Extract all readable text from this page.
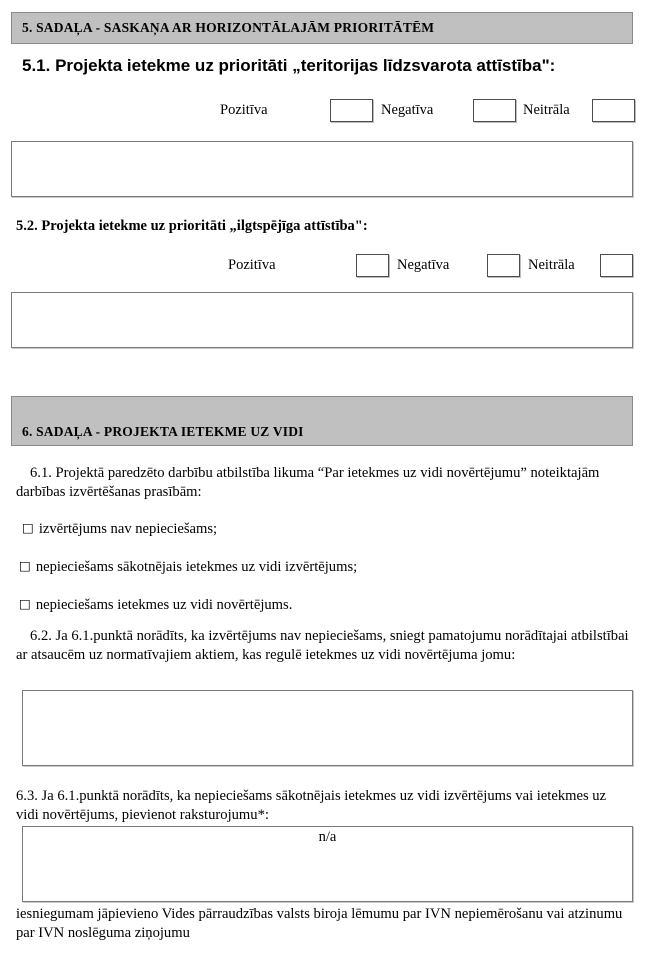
5. SADAĻA - SASKAŅA AR HORIZONTĀLAJĀM PRIORITĀTĒM
5.1. Projekta ietekme uz prioritāti „teritorijas līdzsvarota attīstība":
Pozitīva	Negatīva	Neitrāla
5.2. Projekta ietekme uz prioritāti „ilgtspējīga attīstība":
Pozitīva	Negatīva	Neitrāla
6. SADAĻA - PROJEKTA IETEKME UZ VIDI
6.1. Projektā paredzēto darbību atbilstība likuma “Par ietekmes uz vidi novērtējumu” noteiktajām darbības izvērtēšanas prasībām:
□ izvērtējums nav nepieciešams;
□ nepieciešams sākotnējais ietekmes uz vidi izvērtējums;
□ nepieciešams ietekmes uz vidi novērtējums.
6.2. Ja 6.1.punktā norādīts, ka izvērtējums nav nepieciešams, sniegt pamatojumu norādītajai atbilstībai ar atsaucēm uz normatīvajiem aktiem, kas regulē ietekmes uz vidi novērtējuma jomu:
6.3. Ja 6.1.punktā norādīts, ka nepieciešams sākotnējais ietekmes uz vidi izvērtējums vai ietekmes uz vidi novērtējums, pievienot raksturojumu*:
n/a
iesniegumam jāpievieno Vides pārraudzības valsts biroja lēmumu par IVN nepiemērošanu vai atzinumu par IVN noslēguma ziņojumu
